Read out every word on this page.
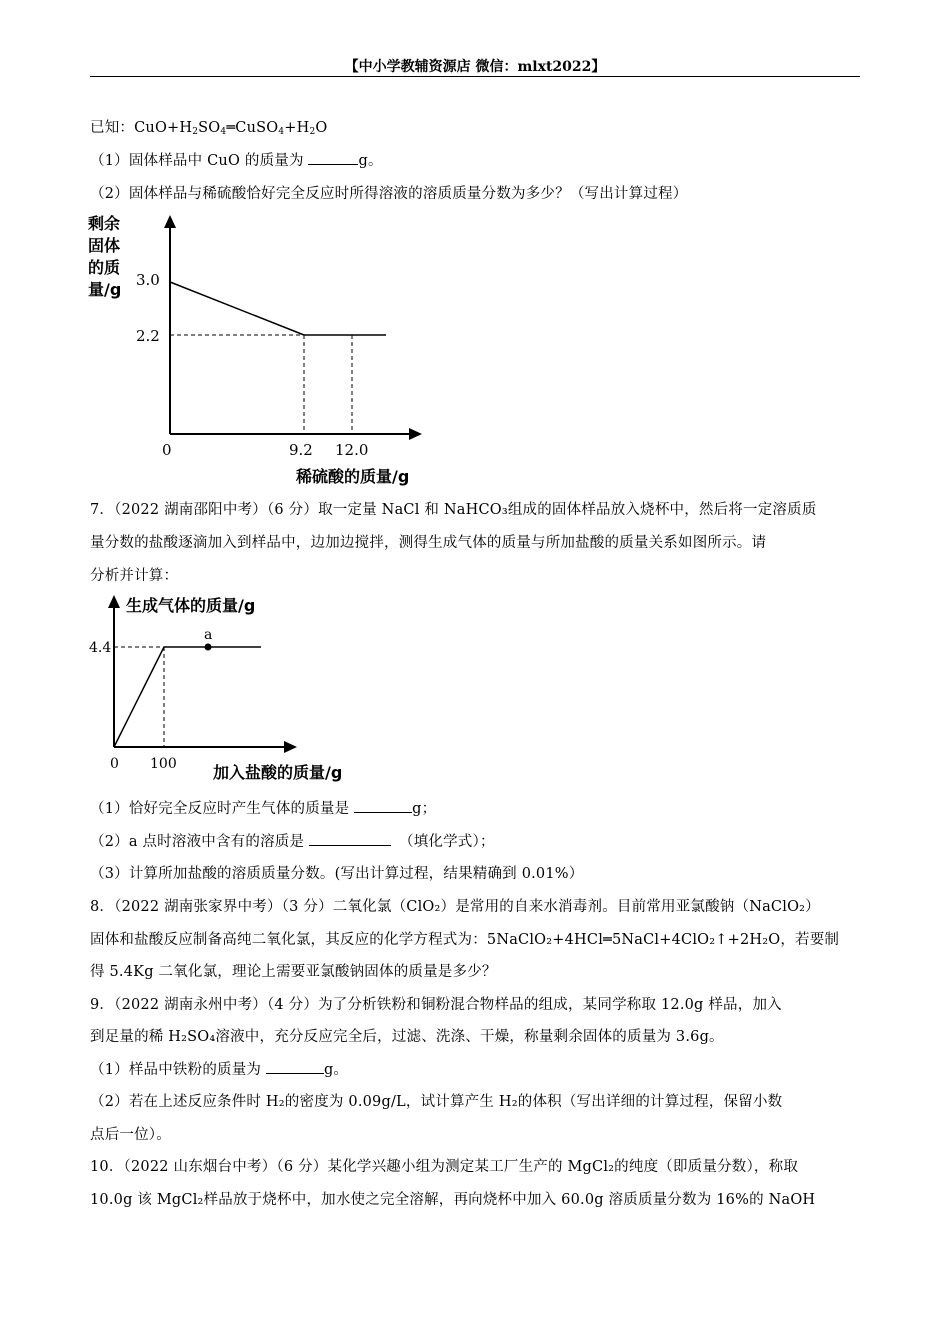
【中小学教辅资源店 微信：mlxt2022】
已知：$CuO+H_2SO_4═CuSO_4+H_2O$
（1）固体样品中 CuO 的质量为	g。
（2）固体样品与稀硫酸恰好完全反应时所得溶液的溶质质量分数为多少？（写出计算过程）
剩余
固体
的质
量/g 3.0
2.2
0	9.2 12.0
稀硫酸的质量/g
7．（2022 湖南邵阳中考）（6 分）取一定量 NaCl 和 NaHCO₃组成的固体样品放入烧杯中，然后将一定溶质质
量分数的盐酸逐滴加入到样品中，边加边搅拌，测得生成气体的质量与所加盐酸的质量关系如图所示。请
分析并计算：
a
生成气体的质量/g
4.4
0 100 加入盐酸的质量/g
（1）恰好完全反应时产生气体的质量是	g；
（2）a 点时溶液中含有的溶质是	（填化学式）；
（3）计算所加盐酸的溶质质量分数。(写出计算过程，结果精确到 0.01%）
8．（2022 湖南张家界中考）（3 分）二氧化氯（ClO₂）是常用的自来水消毒剂。目前常用亚氯酸钠（NaClO₂）
固体和盐酸反应制备高纯二氧化氯，其反应的化学方程式为：5NaClO₂+4HCl═5NaCl+4ClO₂↑+2H₂O，若要制
得 5.4Kg 二氧化氯，理论上需要亚氯酸钠固体的质量是多少？
9．（2022 湖南永州中考）（4 分）为了分析铁粉和铜粉混合物样品的组成，某同学称取 12.0g 样品，加入
到足量的稀 H₂SO₄溶液中，充分反应完全后，过滤、洗涤、干燥，称量剩余固体的质量为 3.6g。
（1）样品中铁粉的质量为	g。
（2）若在上述反应条件时 H₂的密度为 0.09g/L，试计算产生 H₂的体积（写出详细的计算过程，保留小数
点后一位）。
10．（2022 山东烟台中考）（6 分）某化学兴趣小组为测定某工厂生产的 MgCl₂的纯度（即质量分数），称取
10.0g 该 MgCl₂样品放于烧杯中，加水使之完全溶解，再向烧杯中加入 60.0g 溶质质量分数为 16%的 NaOH
